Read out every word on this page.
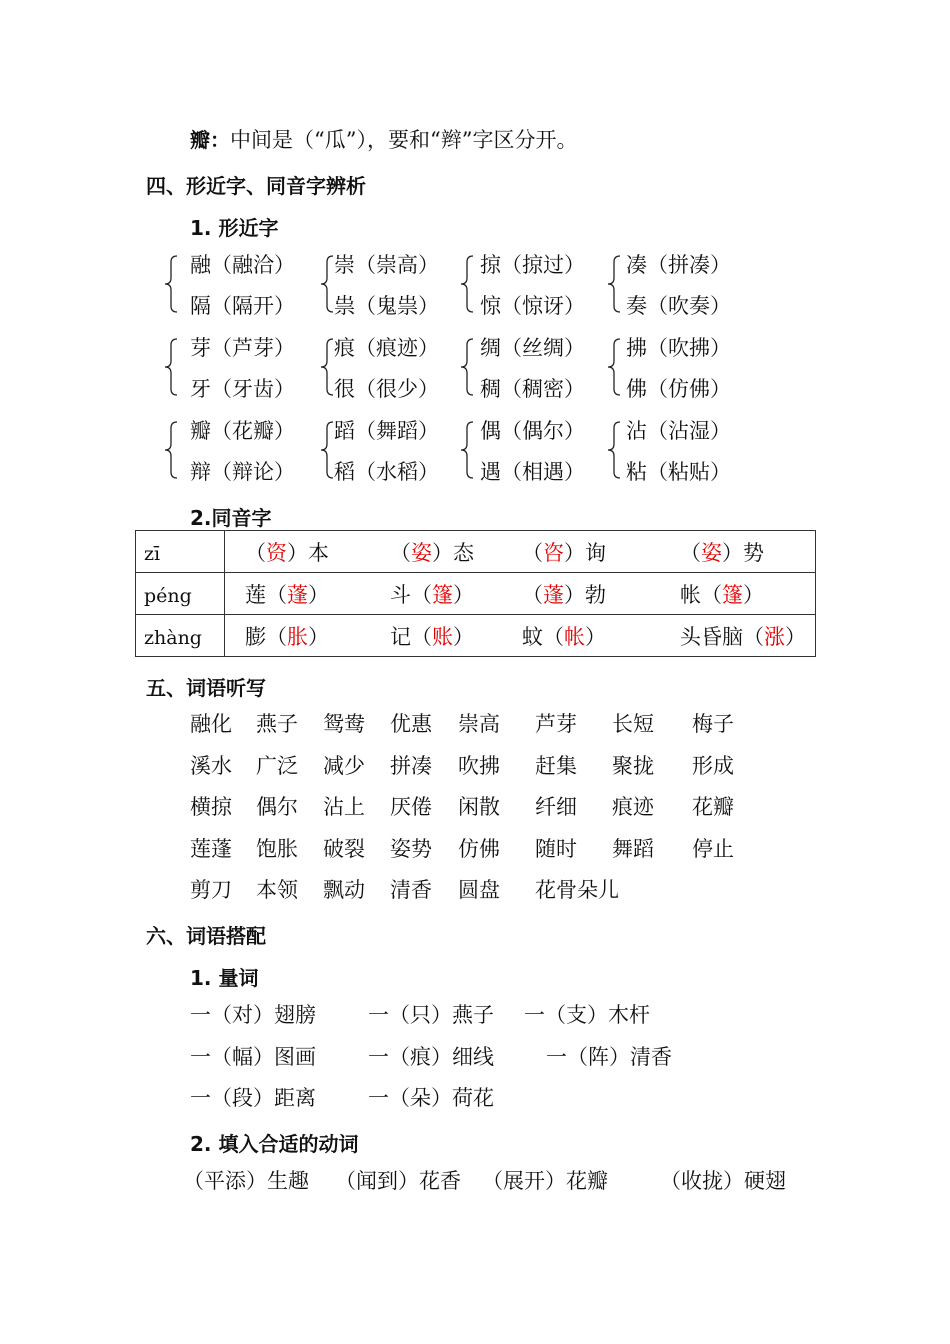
瓣：中间是（“瓜”），要和“辫”字区分开。
四、形近字、同音字辨析
1. 形近字
融（融洽）
隔（隔开）
崇（崇高）
祟（鬼祟）
掠（掠过）
惊（惊讶）
凑（拼凑）
奏（吹奏）
芽（芦芽）
牙（牙齿）
痕（痕迹）
很（很少）
绸（丝绸）
稠（稠密）
拂（吹拂）
佛（仿佛）
瓣（花瓣）
辩（辩论）
蹈（舞蹈）
稻（水稻）
偶（偶尔）
遇（相遇）
沾（沾湿）
粘（粘贴）
2.同音字
zī	（资）本 （姿）态 （咨）询 （姿）势

péng	莲（蓬） 斗（篷） （蓬）勃 帐（篷）

zhàng	膨（胀） 记（账） 蚊（帐） 头昏脑（涨）
五、词语听写
融化 燕子 鸳鸯 优惠 崇高 芦芽 长短 梅子
溪水 广泛 减少 拼凑 吹拂 赶集 聚拢 形成
横掠 偶尔 沾上 厌倦 闲散 纤细 痕迹 花瓣
莲蓬 饱胀 破裂 姿势 仿佛 随时 舞蹈 停止
剪刀 本领 飘动 清香 圆盘 花骨朵儿
六、词语搭配
1. 量词
一（对）翅膀 一（只）燕子 一（支）木杆
一（幅）图画 一（痕）细线 一（阵）清香
一（段）距离 一（朵）荷花
2. 填入合适的动词
（平添）生趣 （闻到）花香 （展开）花瓣 （收拢）硬翅
